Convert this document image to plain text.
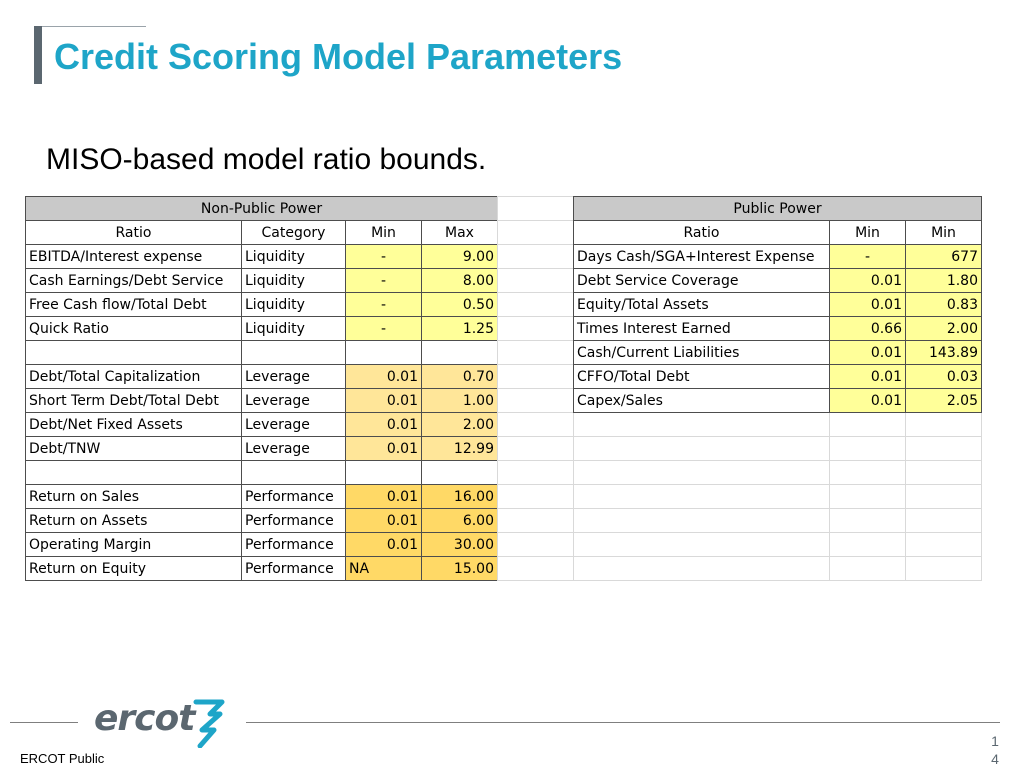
Credit Scoring Model Parameters
MISO-based model ratio bounds.
Non-Public Power			
Ratio	Category	Min	Max
EBITDA/Interest expense	Liquidity	-	9.00
Cash Earnings/Debt Service	Liquidity	-	8.00
Free Cash flow/Total Debt	Liquidity	-	0.50
Quick Ratio	Liquidity	-	1.25

Debt/Total Capitalization	Leverage	0.01	0.70
Short Term Debt/Total Debt	Leverage	0.01	1.00
Debt/Net Fixed Assets	Leverage	0.01	2.00
Debt/TNW	Leverage	0.01	12.99

Return on Sales	Performance	0.01	16.00
Return on Assets	Performance	0.01	6.00
Operating Margin	Performance	0.01	30.00
Return on Equity	Performance	NA	15.00

Public Power		
Ratio	Min	Min
Days Cash/SGA+Interest Expense	-	677
Debt Service Coverage	0.01	1.80
Equity/Total Assets	0.01	0.83
Times Interest Earned	0.66	2.00
Cash/Current Liabilities	0.01	143.89
CFFO/Total Debt	0.01	0.03
Capex/Sales	0.01	2.05

ercot
ERCOT Public
1
4
